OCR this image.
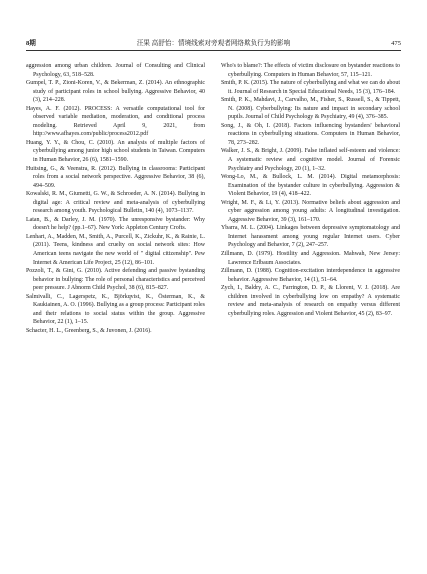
8期	汪果 高舒怡：情境线索对旁观者网络欺负行为的影响	475

aggression among urban children. Journal of Consulting and Clinical Psychology, 63, 518–528.

Gumpel, T. P., Zioni-Koren, V., & Bekerman, Z. (2014). An ethnographic study of participant roles in school bullying. Aggressive Behavior, 40 (3), 214–228.

Hayes, A. F. (2012). PROCESS: A versatile computational tool for observed variable mediation, moderation, and conditional process modeling. Retrieved April 9, 2021, from http://www.afhayes.com/public/process2012.pdf

Huang, Y. Y., & Chou, C. (2010). An analysis of multiple factors of cyberbullying among junior high school students in Taiwan. Computers in Human Behavior, 26 (6), 1581–1590.

Huitsing, G., & Veenstra, R. (2012). Bullying in classrooms: Participant roles from a social network perspective. Aggressive Behavior, 38 (6), 494–509.

Kowalski, R. M., Giumetti, G. W., & Schroeder, A. N. (2014). Bullying in digital age: A critical review and meta-analysis of cyberbullying research among youth. Psychological Bulletin, 140 (4), 1073–1137.

Latan, B., & Darley, J. M. (1970). The unresponsive bystander: Why doesn't he help? (pp.1–67). New York: Appleton Century Crofts.

Lenhart, A., Madden, M., Smith, A., Purcell, K., Zickuhr, K., & Rainie, L. (2011). Teens, kindness and cruelty on social network sites: How American teens navigate the new world of " digital citizenship". Pew Internet & American Life Project, 25 (12), 86–101.

Pozzoli, T., & Gini, G. (2010). Active defending and passive bystanding behavior in bullying: The role of personal characteristics and perceived peer pressure. J Abnorm Child Psychol, 38 (6), 815–827.

Salmivalli, C., Lagerspetz, K., Björkqvist, K., Österman, K., & Kaukiainen, A. O. (1996). Bullying as a group process: Participant roles and their relations to social status within the group. Aggressive Behavior, 22 (1), 1–15.

Schacter, H. L., Greenberg, S., & Juvonen, J. (2016).

Who's to blame?: The effects of victim disclosure on bystander reactions to cyberbullying. Computers in Human Behavior, 57, 115–121.

Smith, P. K. (2015). The nature of cyberbullying and what we can do about it. Journal of Research in Special Educational Needs, 15 (3), 176–184.

Smith, P. K., Mahdavi, J., Carvalho, M., Fisher, S., Russell, S., & Tippett, N. (2008). Cyberbullying: Its nature and impact in secondary school pupils. Journal of Child Psychology & Psychiatry, 49 (4), 376–385.

Song, J., & Oh, I. (2018). Factors influencing bystanders' behavioral reactions in cyberbullying situations. Computers in Human Behavior, 78, 273–282.

Walker, J. S., & Bright, J. (2009). False inflated self-esteem and violence: A systematic review and cognitive model. Journal of Forensic Psychiatry and Psychology, 20 (1), 1–32.

Wong-Lo, M., & Bullock, L. M. (2014). Digital metamorphosis: Examination of the bystander culture in cyberbullying. Aggression & Violent Behavior, 19 (4), 418–422.

Wright, M. F., & Li, Y. (2013). Normative beliefs about aggression and cyber aggression among young adults: A longitudinal investigation. Aggressive Behavior, 39 (3), 161–170.

Ybarra, M. L. (2004). Linkages between depressive symptomatology and Internet harassment among young regular Internet users. Cyber Psychology and Behavior, 7 (2), 247–257.

Zillmann, D. (1979). Hostility and Aggression. Mahwah, New Jersey: Lawrence Erlbaum Associates.

Zillmann, D. (1988). Cognition-excitation interdependence in aggressive behavior. Aggressive Behavior, 14 (1), 51–64.

Zych, I., Baldry, A. C., Farrington, D. P., & Llorent, V. J. (2018). Are children involved in cyberbullying low on empathy? A systematic review and meta-analysis of research on empathy versus different cyberbullying roles. Aggression and Violent Behavior, 45 (2), 83–97.
